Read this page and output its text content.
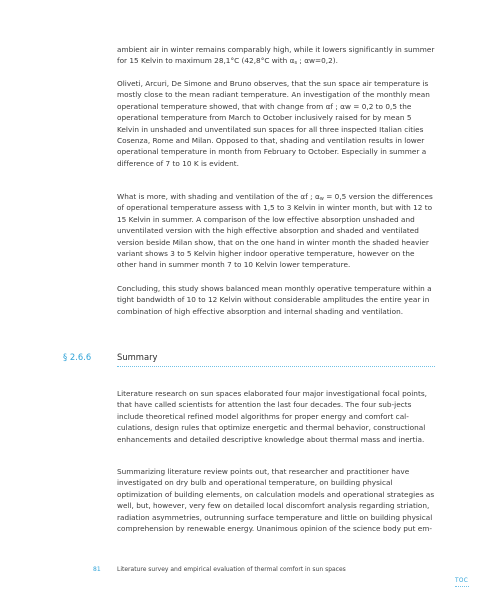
ambient air in winter remains comparably high, while it lowers significantly in summer for 15 Kelvin to maximum 28,1°C (42,8°C with $\alpha_s$ ; αw=0,2).

Oliveti, Arcuri, De Simone and Bruno observes, that the sun space air temperature is mostly close to the mean radiant temperature. An investigation of the monthly mean operational temperature showed, that with change from αf ; αw = 0,2 to 0,5 the operational temperature from March to October inclusively raised for by mean 5 Kelvin in unshaded and unventilated sun spaces for all three inspected Italian cities Cosenza, Rome and Milan. Opposed to that, shading and ventilation results in lower operational temperature in month from February to October. Especially in summer a difference of 7 to 10 K is evident.

What is more, with shading and ventilation of the αf ; $\alpha_w = 0,5$ version the differences of operational temperature assess with 1,5 to 3 Kelvin in winter month, but with 12 to 15 Kelvin in summer. A comparison of the low effective absorption unshaded and unventilated version with the high effective absorption and shaded and ventilated version beside Milan show, that on the one hand in winter month the shaded heavier variant shows 3 to 5 Kelvin higher indoor operative temperature, however on the other hand in summer month 7 to 10 Kelvin lower temperature.

Concluding, this study shows balanced mean monthly operative temperature within a tight bandwidth of 10 to 12 Kelvin without considerable amplitudes the entire year in combination of high effective absorption and internal shading and ventilation.

§ 2.6.6	Summary

Literature research on sun spaces elaborated four major investigational focal points, that have called scientists for attention the last four decades. The four sub-jects include theoretical refined model algorithms for proper energy and comfort cal-culations, design rules that optimize energetic and thermal behavior, constructional enhancements and detailed descriptive knowledge about thermal mass and inertia.

Summarizing literature review points out, that researcher and practitioner have investigated on dry bulb and operational temperature, on building physical optimization of building elements, on calculation models and operational strategies as well, but, however, very few on detailed local discomfort analysis regarding striation, radiation asymmetries, outrunning surface temperature and little on building physical comprehension by renewable energy. Unanimous opinion of the science body put em-

81	Literature survey and empirical evaluation of thermal comfort in sun spaces
TOC
